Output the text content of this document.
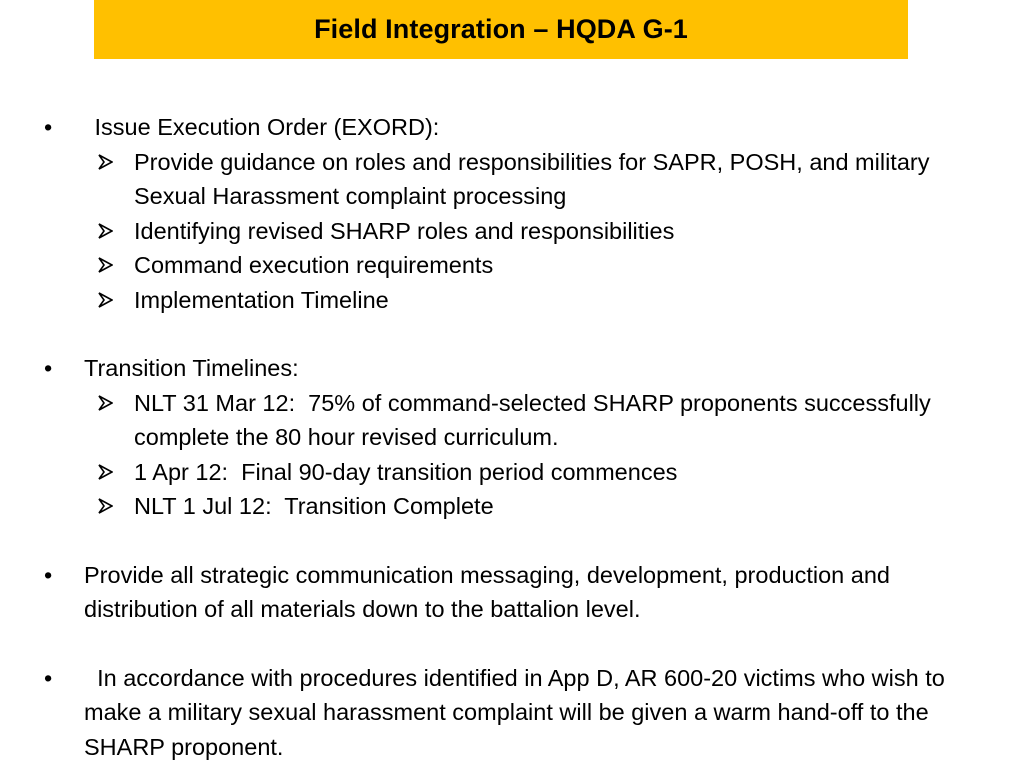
Field Integration – HQDA G-1
•	Issue Execution Order (EXORD):
Provide guidance on roles and responsibilities for SAPR, POSH, and military Sexual Harassment complaint processing
Identifying revised SHARP roles and responsibilities
Command execution requirements
Implementation Timeline
•	Transition Timelines:
NLT 31 Mar 12:  75% of command-selected SHARP proponents successfully complete the 80 hour revised curriculum.
1 Apr 12:  Final 90-day transition period commences
NLT 1 Jul 12:  Transition Complete
•	Provide all strategic communication messaging, development, production and distribution of all materials down to the battalion level.
•	In accordance with procedures identified in App D, AR 600-20 victims who wish to make a military sexual harassment complaint will be given a warm hand-off to the SHARP proponent.
